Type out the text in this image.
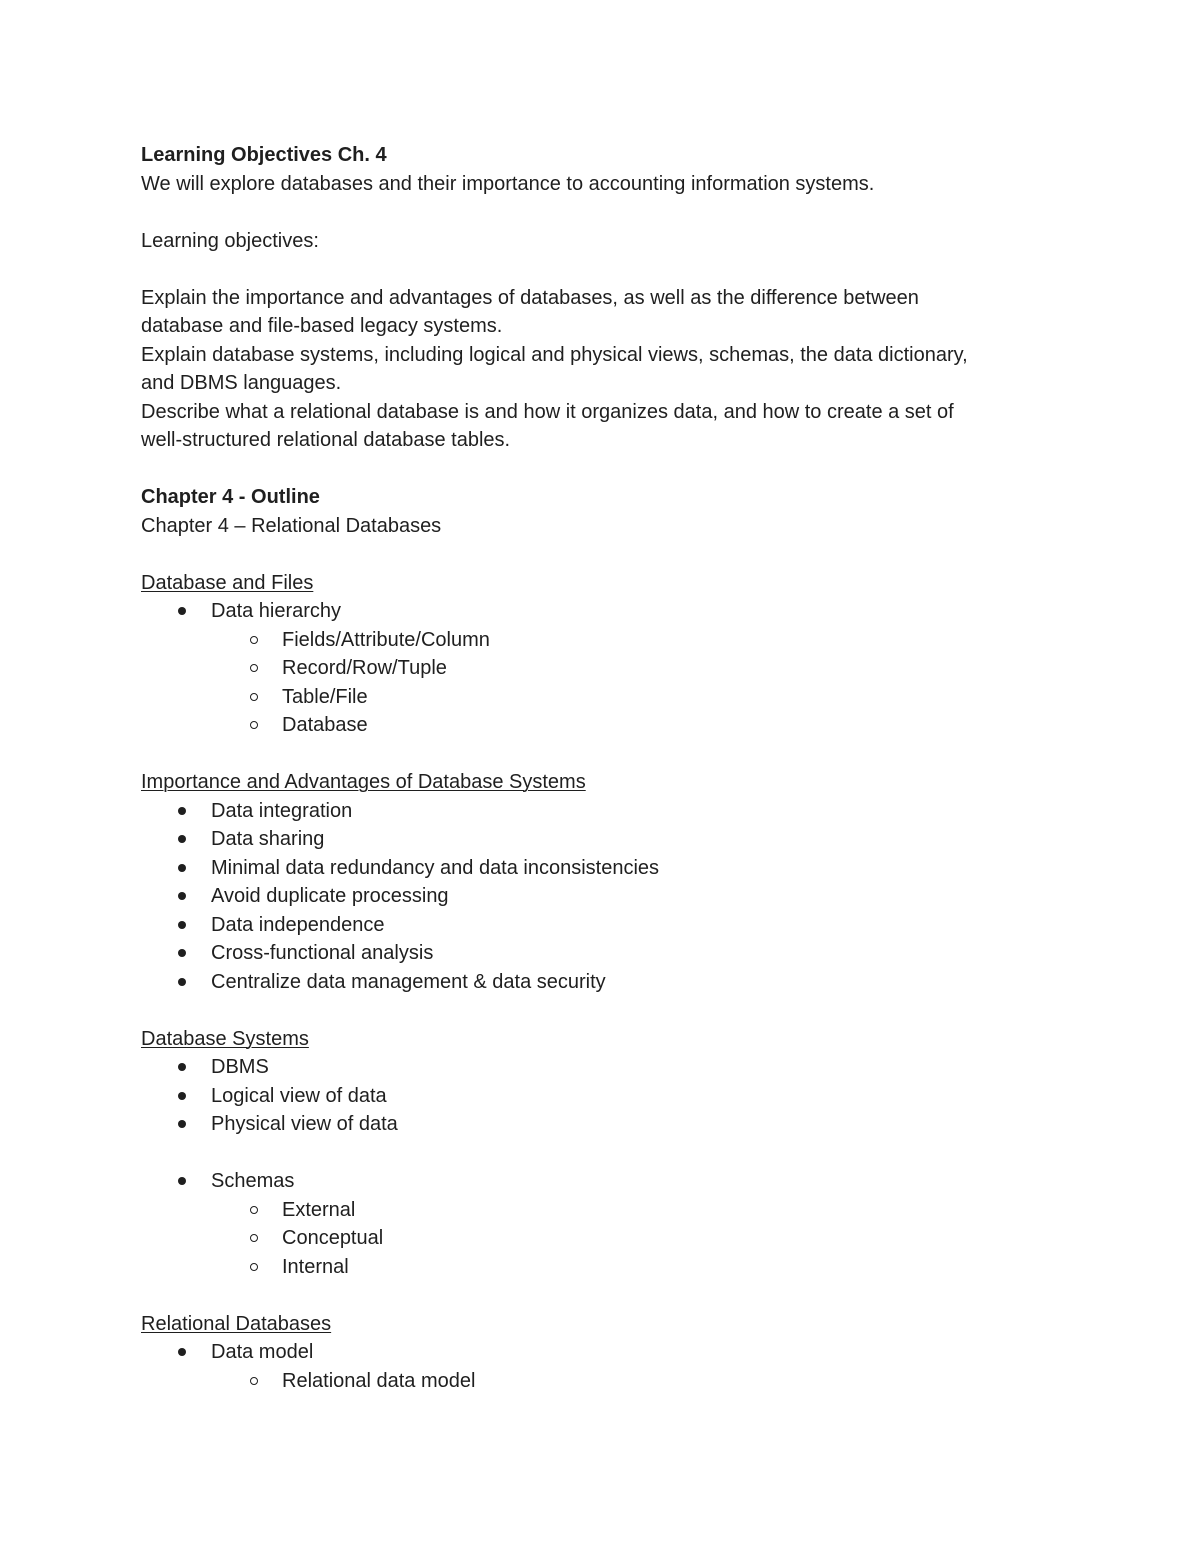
Learning Objectives Ch. 4

We will explore databases and their importance to accounting information systems.

Learning objectives:

Explain the importance and advantages of databases, as well as the difference between

database and file-based legacy systems.

Explain database systems, including logical and physical views, schemas, the data dictionary,

and DBMS languages.

Describe what a relational database is and how it organizes data, and how to create a set of

well-structured relational database tables.

Chapter 4 - Outline

Chapter 4 – Relational Databases

Database and Files

Data hierarchy
Fields/Attribute/Column
Record/Row/Tuple
Table/File
Database

Importance and Advantages of Database Systems

Data integration
Data sharing
Minimal data redundancy and data inconsistencies
Avoid duplicate processing
Data independence
Cross-functional analysis
Centralize data management & data security

Database Systems

DBMS
Logical view of data
Physical view of data
Schemas
External
Conceptual
Internal

Relational Databases

Data model
Relational data model
